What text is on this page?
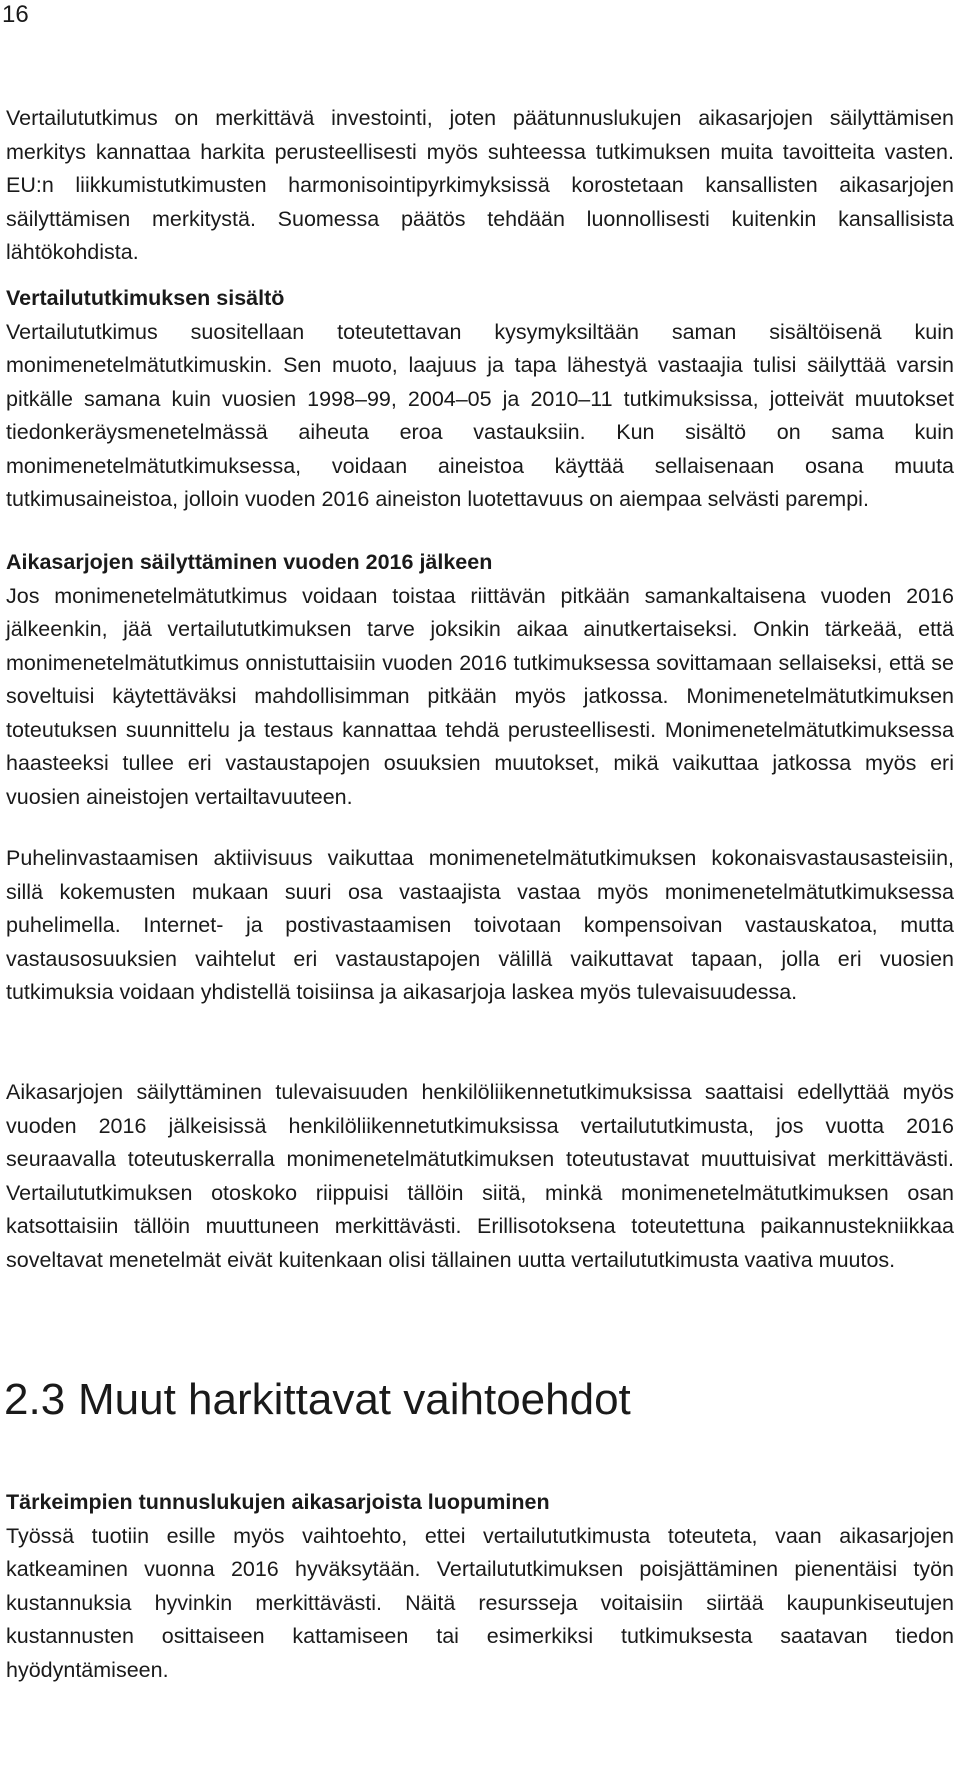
16

Vertailututkimus on merkittävä investointi, joten päätunnuslukujen aikasarjojen säilyttämisen merkitys kannattaa harkita perusteellisesti myös suhteessa tutkimuksen muita tavoitteita vasten. EU:n liikkumistutkimusten harmonisointipyrkimyksissä korostetaan kansallisten aikasarjojen säilyttämisen merkitystä. Suomessa päätös tehdään luonnollisesti kuitenkin kansallisista lähtökohdista.

Vertailututkimuksen sisältö
Vertailututkimus suositellaan toteutettavan kysymyksiltään saman sisältöisenä kuin monimenetelmätutkimuskin. Sen muoto, laajuus ja tapa lähestyä vastaajia tulisi säilyttää varsin pitkälle samana kuin vuosien 1998–99, 2004–05 ja 2010–11 tutkimuksissa, jotteivät muutokset tiedonkeräysmenetelmässä aiheuta eroa vastauksiin. Kun sisältö on sama kuin monimenetelmätutkimuksessa, voidaan aineistoa käyttää sellaisenaan osana muuta tutkimusaineistoa, jolloin vuoden 2016 aineiston luotettavuus on aiempaa selvästi parempi.
Aikasarjojen säilyttäminen vuoden 2016 jälkeen
Jos monimenetelmätutkimus voidaan toistaa riittävän pitkään samankaltaisena vuoden 2016 jälkeenkin, jää vertailututkimuksen tarve joksikin aikaa ainutkertaiseksi. Onkin tärkeää, että monimenetelmätutkimus onnistuttaisiin vuoden 2016 tutkimuksessa sovittamaan sellaiseksi, että se soveltuisi käytettäväksi mahdollisimman pitkään myös jatkossa. Monimenetelmätutkimuksen toteutuksen suunnittelu ja testaus kannattaa tehdä perusteellisesti. Monimenetelmätutkimuksessa haasteeksi tullee eri vastaustapojen osuuksien muutokset, mikä vaikuttaa jatkossa myös eri vuosien aineistojen vertailtavuuteen.

Puhelinvastaamisen aktiivisuus vaikuttaa monimenetelmätutkimuksen kokonaisvastausasteisiin, sillä kokemusten mukaan suuri osa vastaajista vastaa myös monimenetelmätutkimuksessa puhelimella. Internet- ja postivastaamisen toivotaan kompensoivan vastauskatoa, mutta vastausosuuksien vaihtelut eri vastaustapojen välillä vaikuttavat tapaan, jolla eri vuosien tutkimuksia voidaan yhdistellä toisiinsa ja aikasarjoja laskea myös tulevaisuudessa.

Aikasarjojen säilyttäminen tulevaisuuden henkilöliikennetutkimuksissa saattaisi edellyttää myös vuoden 2016 jälkeisissä henkilöliikennetutkimuksissa vertailututkimusta, jos vuotta 2016 seuraavalla toteutuskerralla monimenetelmätutkimuksen toteutustavat muuttuisivat merkittävästi. Vertailututkimuksen otoskoko riippuisi tällöin siitä, minkä monimenetelmätutkimuksen osan katsottaisiin tällöin muuttuneen merkittävästi. Erillisotoksena toteutettuna paikannustekniikkaa soveltavat menetelmät eivät kuitenkaan olisi tällainen uutta vertailututkimusta vaativa muutos.

2.3 Muut harkittavat vaihtoehdot
Tärkeimpien tunnuslukujen aikasarjoista luopuminen
Työssä tuotiin esille myös vaihtoehto, ettei vertailututkimusta toteuteta, vaan aikasarjojen katkeaminen vuonna 2016 hyväksytään. Vertailututkimuksen poisjättäminen pienentäisi työn kustannuksia hyvinkin merkittävästi. Näitä resursseja voitaisiin siirtää kaupunkiseutujen kustannusten osittaiseen kattamiseen tai esimerkiksi tutkimuksesta saatavan tiedon hyödyntämiseen.
